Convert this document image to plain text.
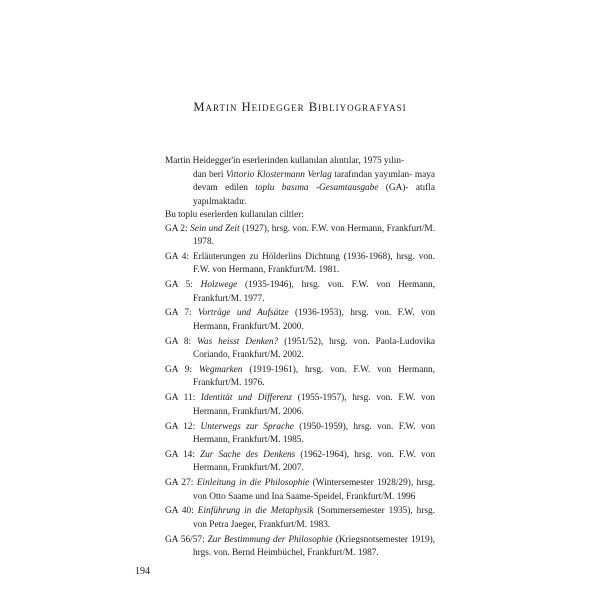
Martin Heidegger Bibliyografyası

Martin Heidegger'in eserlerinden kullanılan alıntılar, 1975 yılın-
dan beri Vittorio Klostermann Verlag tarafından yayımlan- maya devam edilen toplu basıma -Gesamtausgabe (GA)- atıfla yapılmaktadır.

Bu toplu eserlerden kullanılan ciltler:

GA 2: Sein und Zeit (1927), hrsg. von. F.W. von Hermann, Frankfurt/M. 1978.

GA 4: Erläuterungen zu Hölderlins Dichtung (1936-1968), hrsg. von. F.W. von Hermann, Frankfurt/M. 1981.

GA 5: Holzwege (1935-1946), hrsg. von. F.W. von Hermann, Frankfurt/M. 1977.

GA 7: Vorträge und Aufsätze (1936-1953), hrsg. von. F.W. von Hermann, Frankfurt/M. 2000.

GA 8: Was heisst Denken? (1951/52), hrsg. von. Paola-Ludovika Coriando, Frankfurt/M. 2002.

GA 9: Wegmarken (1919-1961), hrsg. von. F.W. von Hermann, Frankfurt/M. 1976.

GA 11: Identität und Differenz (1955-1957), hrsg. von. F.W. von Hermann, Frankfurt/M. 2006.

GA 12: Unterwegs zur Sprache (1950-1959), hrsg. von. F.W. von Hermann, Frankfurt/M. 1985.

GA 14: Zur Sache des Denkens (1962-1964), hrsg. von. F.W. von Hermann, Frankfurt/M. 2007.

GA 27: Einleitung in die Philosophie (Wintersemester 1928/29), hrsg. von Otto Saame und Ina Saame-Speidel, Frankfurt/M. 1996

GA 40: Einführung in die Metaphysik (Sommersemester 1935), hrsg. von Petra Jaeger, Frankfurt/M. 1983.

GA 56/57: Zur Bestimmung der Philosophie (Kriegsnotsemester 1919), hrgs. von. Bernd Heimbüchel, Frankfurt/M. 1987.

194
